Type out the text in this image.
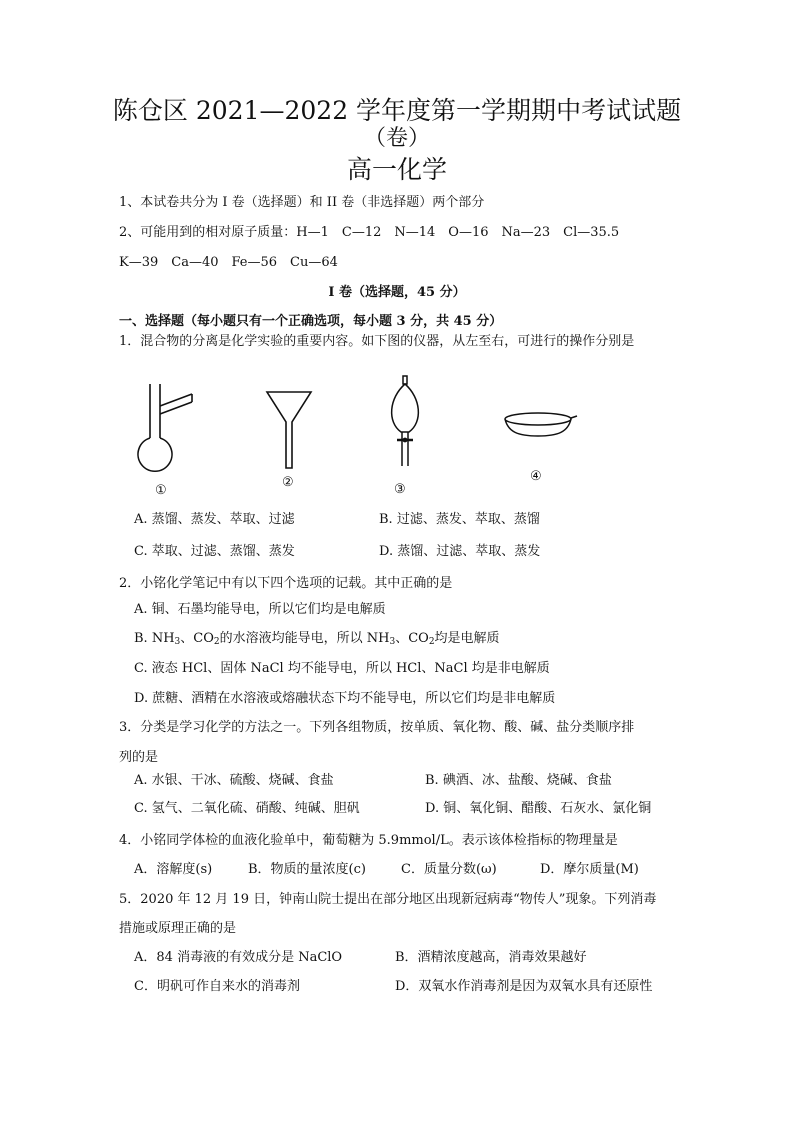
陈仓区 2021—2022 学年度第一学期期中考试试题
（卷）
高一化学
1、本试卷共分为 I 卷（选择题）和 II 卷（非选择题）两个部分
2、可能用到的相对原子质量：H—1　C—12　N—14　O—16　Na—23　Cl—35.5
K—39　Ca—40　Fe—56　Cu—64
I 卷（选择题，45 分）
一、选择题（每小题只有一个正确选项，每小题 3 分，共 45 分）
1．混合物的分离是化学实验的重要内容。如下图的仪器，从左至右，可进行的操作分别是
①
②	③
④
A. 蒸馏、蒸发、萃取、过滤	B. 过滤、蒸发、萃取、蒸馏
C. 萃取、过滤、蒸馏、蒸发	D. 蒸馏、过滤、萃取、蒸发
2．小铭化学笔记中有以下四个选项的记载。其中正确的是
A. 铜、石墨均能导电，所以它们均是电解质
B. $NH_3$、$CO_2$的水溶液均能导电，所以 $NH_3$、$CO_2$均是电解质
C. 液态 HCl、固体 NaCl 均不能导电，所以 HCl、NaCl 均是非电解质
D. 蔗糖、酒精在水溶液或熔融状态下均不能导电，所以它们均是非电解质
3．分类是学习化学的方法之一。下列各组物质，按单质、氧化物、酸、碱、盐分类顺序排
列的是
A. 水银、干冰、硫酸、烧碱、食盐	B. 碘酒、冰、盐酸、烧碱、食盐
C. 氢气、二氧化硫、硝酸、纯碱、胆矾	D. 铜、氧化铜、醋酸、石灰水、氯化铜
4．小铭同学体检的血液化验单中，葡萄糖为 5.9mmol/L。表示该体检指标的物理量是
A．溶解度(s)	B．物质的量浓度(c)	C．质量分数(ω)	D．摩尔质量(M)
5．2020 年 12 月 19 日，钟南山院士提出在部分地区出现新冠病毒“物传人”现象。下列消毒
措施或原理正确的是
A．84 消毒液的有效成分是 NaClO	B．酒精浓度越高，消毒效果越好
C．明矾可作自来水的消毒剂	D．双氧水作消毒剂是因为双氧水具有还原性
